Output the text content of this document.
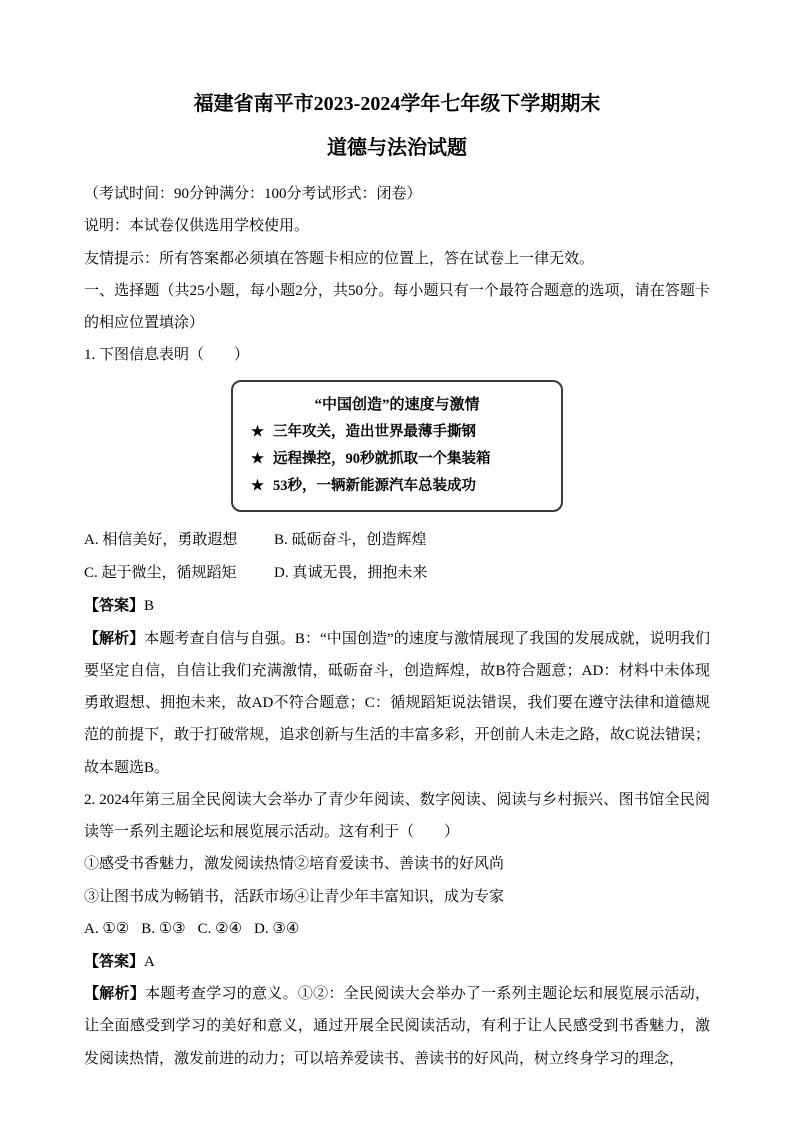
福建省南平市2023-2024学年七年级下学期期末
道德与法治试题

（考试时间：90分钟满分：100分考试形式：闭卷）

说明：本试卷仅供选用学校使用。

友情提示：所有答案都必须填在答题卡相应的位置上，答在试卷上一律无效。

一、选择题（共25小题，每小题2分，共50分。每小题只有一个最符合题意的选项，请在答题卡的相应位置填涂）

1. 下图信息表明（　　）

“中国创造”的速度与激情
★ 三年攻关，造出世界最薄手撕钢
★ 远程操控，90秒就抓取一个集装箱
★ 53秒，一辆新能源汽车总装成功

A. 相信美好，勇敢遐想 B. 砥砺奋斗，创造辉煌

C. 起于微尘，循规蹈矩 D. 真诚无畏，拥抱未来

【答案】B

【解析】本题考查自信与自强。B：“中国创造”的速度与激情展现了我国的发展成就，说明我们要坚定自信，自信让我们充满激情，砥砺奋斗，创造辉煌，故B符合题意；AD：材料中未体现勇敢遐想、拥抱未来，故AD不符合题意；C：循规蹈矩说法错误，我们要在遵守法律和道德规范的前提下，敢于打破常规，追求创新与生活的丰富多彩，开创前人未走之路，故C说法错误；故本题选B。

2. 2024年第三届全民阅读大会举办了青少年阅读、数字阅读、阅读与乡村振兴、图书馆全民阅读等一系列主题论坛和展览展示活动。这有利于（　　）

①感受书香魅力，激发阅读热情②培育爱读书、善读书的好风尚

③让图书成为畅销书，活跃市场④让青少年丰富知识，成为专家

A. ①② B. ①③ C. ②④ D. ③④

【答案】A

【解析】本题考查学习的意义。①②：全民阅读大会举办了一系列主题论坛和展览展示活动，让全面感受到学习的美好和意义，通过开展全民阅读活动，有利于让人民感受到书香魅力，激发阅读热情，激发前进的动力；可以培养爱读书、善读书的好风尚，树立终身学习的理念，
